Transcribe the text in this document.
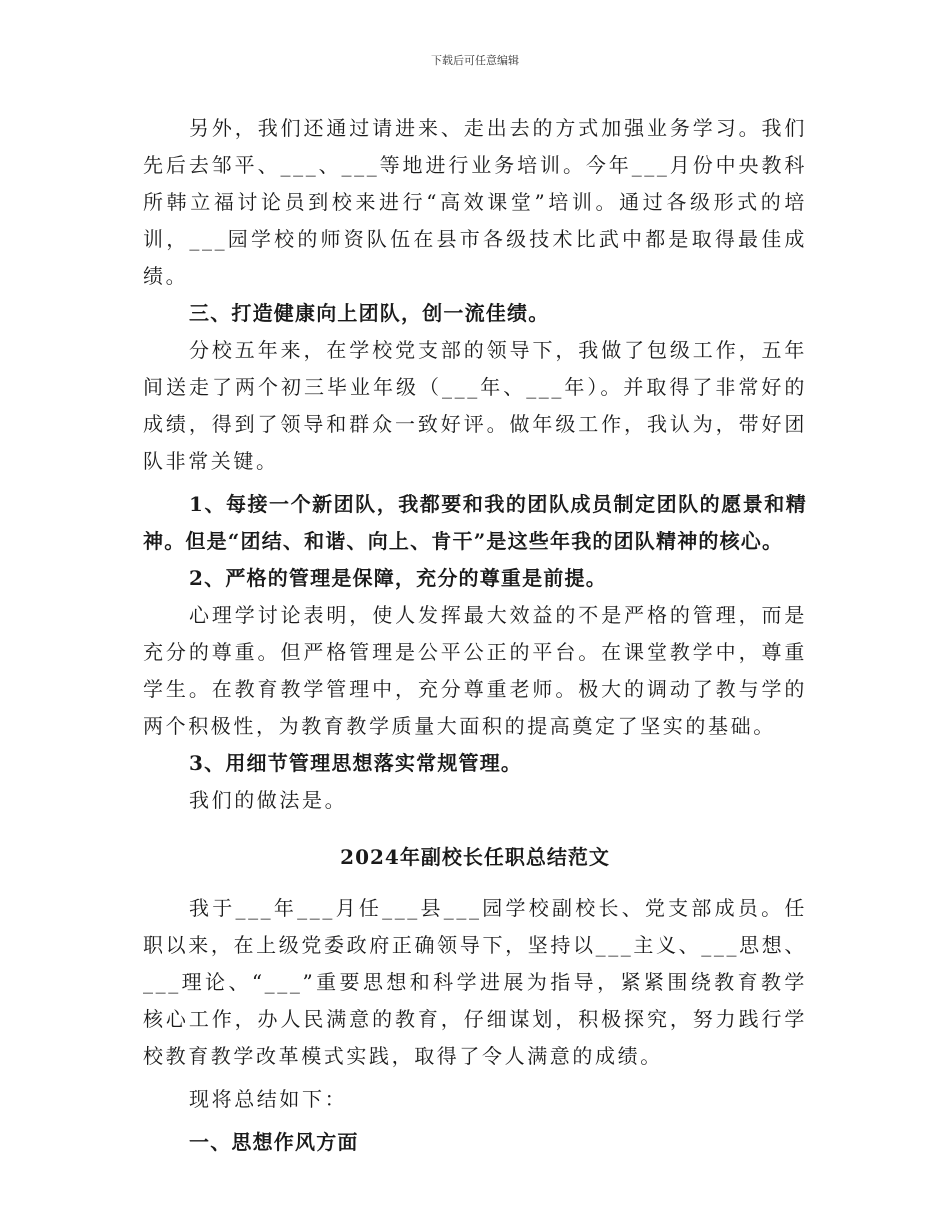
下载后可任意编辑

另外，我们还通过请进来、走出去的方式加强业务学习。我们先后去邹平、___、___等地进行业务培训。今年___月份中央教科所韩立福讨论员到校来进行“高效课堂”培训。通过各级形式的培训，___园学校的师资队伍在县市各级技术比武中都是取得最佳成绩。

三、打造健康向上团队，创一流佳绩。

分校五年来，在学校党支部的领导下，我做了包级工作，五年间送走了两个初三毕业年级（___年、___年）。并取得了非常好的成绩，得到了领导和群众一致好评。做年级工作，我认为，带好团队非常关键。

1、每接一个新团队，我都要和我的团队成员制定团队的愿景和精神。但是“团结、和谐、向上、肯干”是这些年我的团队精神的核心。

2、严格的管理是保障，充分的尊重是前提。

心理学讨论表明，使人发挥最大效益的不是严格的管理，而是充分的尊重。但严格管理是公平公正的平台。在课堂教学中，尊重学生。在教育教学管理中，充分尊重老师。极大的调动了教与学的两个积极性，为教育教学质量大面积的提高奠定了坚实的基础。

3、用细节管理思想落实常规管理。

我们的做法是。

2024年副校长任职总结范文

我于___年___月任___县___园学校副校长、党支部成员。任职以来，在上级党委政府正确领导下，坚持以___主义、___思想、___理论、“___”重要思想和科学进展为指导，紧紧围绕教育教学核心工作，办人民满意的教育，仔细谋划，积极探究，努力践行学校教育教学改革模式实践，取得了令人满意的成绩。

现将总结如下：

一、思想作风方面
